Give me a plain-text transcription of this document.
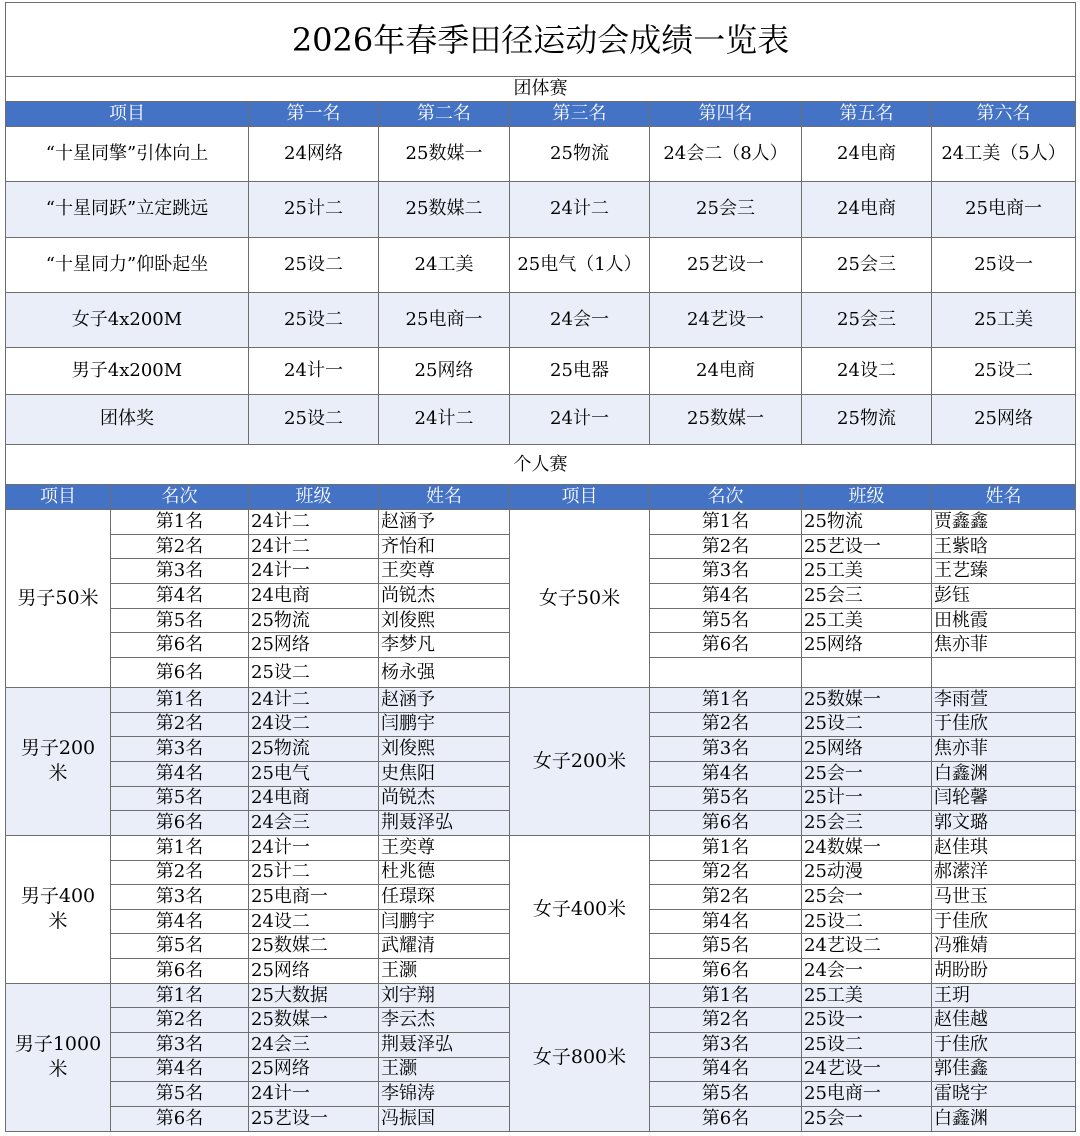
2026年春季田径运动会成绩一览表							
团体赛							
项目		第一名	第二名	第三名	第四名	第五名	第六名
“十星同擎”引体向上		24网络	25数媒一	25物流	24会二（8人）	24电商	24工美（5人）
“十星同跃”立定跳远		25计二	25数媒二	24计二	25会三	24电商	25电商一
“十星同力”仰卧起坐		25设二	24工美	25电气（1人）	25艺设一	25会三	25设一
女子4x200M		25设二	25电商一	24会一	24艺设一	25会三	25工美
男子4x200M		24计一	25网络	25电器	24电商	24设二	25设二
团体奖		25设二	24计二	24计一	25数媒一	25物流	25网络
个人赛							
项目	名次	班级	姓名	项目	名次	班级	姓名
男子50米	第1名	24计二	赵涵予	女子50米	第1名	25物流	贾鑫鑫
	第2名	24计二	齐怡和		第2名	25艺设一	王紫晗
	第3名	24计一	王奕尊		第3名	25工美	王艺臻
	第4名	24电商	尚锐杰		第4名	25会三	彭钰
	第5名	25物流	刘俊熙		第5名	25工美	田桃霞
	第6名	25网络	李梦凡		第6名	25网络	焦亦菲
	第6名	25设二	杨永强				
男子200米	第1名	24计二	赵涵予	女子200米	第1名	25数媒一	李雨萱
	第2名	24设二	闫鹏宇		第2名	25设二	于佳欣
	第3名	25物流	刘俊熙		第3名	25网络	焦亦菲
	第4名	25电气	史焦阳		第4名	25会一	白鑫渊
	第5名	24电商	尚锐杰		第5名	25计一	闫轮馨
	第6名	24会三	荆聂泽弘		第6名	25会三	郭文璐
男子400米	第1名	24计一	王奕尊	女子400米	第1名	24数媒一	赵佳琪
	第2名	25计二	杜兆德		第2名	25动漫	郝潆洋
	第3名	25电商一	任璟琛		第2名	25会一	马世玉
	第4名	24设二	闫鹏宇		第4名	25设二	于佳欣
	第5名	25数媒二	武耀清		第5名	24艺设二	冯雅婧
	第6名	25网络	王灏		第6名	24会一	胡盼盼
男子1000米	第1名	25大数据	刘宇翔	女子800米	第1名	25工美	王玥
	第2名	25数媒一	李云杰		第2名	25设一	赵佳越
	第3名	24会三	荆聂泽弘		第3名	25设二	于佳欣
	第4名	25网络	王灏		第4名	24艺设一	郭佳鑫
	第5名	24计一	李锦涛		第5名	25电商一	雷晓宇
	第6名	25艺设一	冯振国		第6名	25会一	白鑫渊
